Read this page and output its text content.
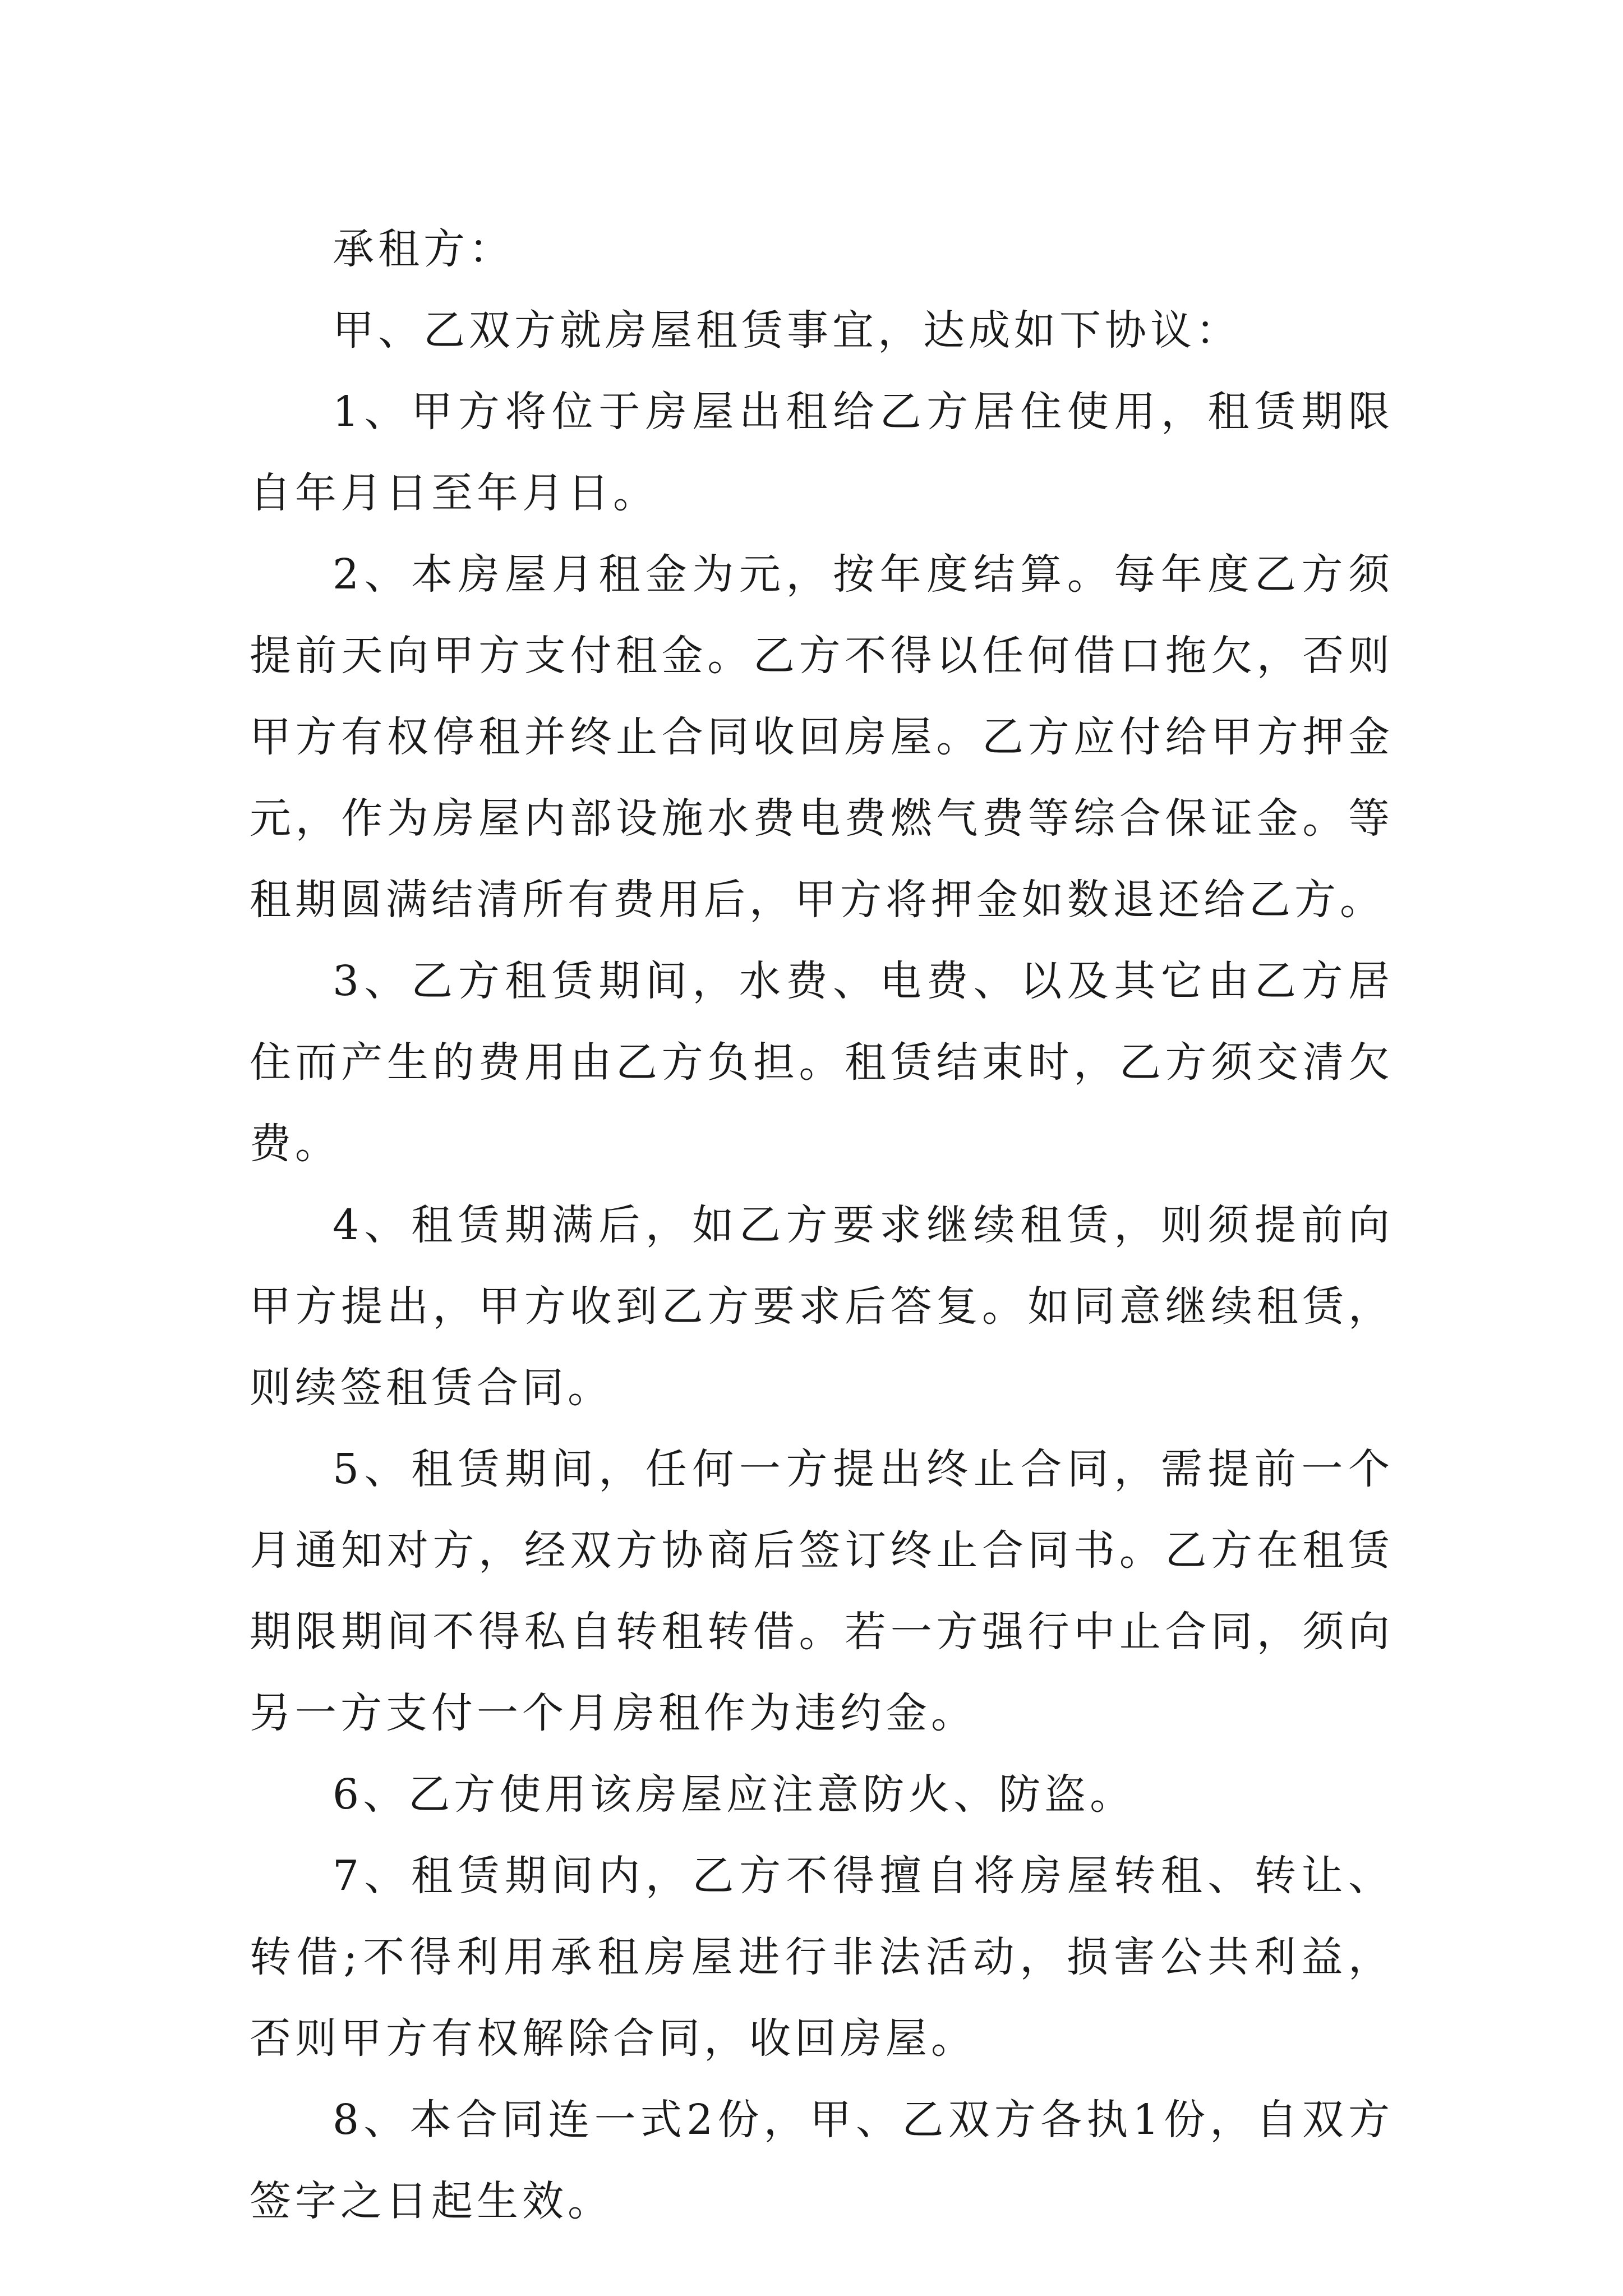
承租方：

甲、乙双方就房屋租赁事宜，达成如下协议：

1、甲方将位于房屋出租给乙方居住使用，租赁期限自年月日至年月日。

2、本房屋月租金为元，按年度结算。每年度乙方须提前天向甲方支付租金。乙方不得以任何借口拖欠，否则甲方有权停租并终止合同收回房屋。乙方应付给甲方押金元，作为房屋内部设施水费电费燃气费等综合保证金。等租期圆满结清所有费用后，甲方将押金如数退还给乙方。

3、乙方租赁期间，水费、电费、以及其它由乙方居住而产生的费用由乙方负担。租赁结束时，乙方须交清欠费。

4、租赁期满后，如乙方要求继续租赁，则须提前向甲方提出，甲方收到乙方要求后答复。如同意继续租赁，则续签租赁合同。

5、租赁期间，任何一方提出终止合同，需提前一个月通知对方，经双方协商后签订终止合同书。乙方在租赁期限期间不得私自转租转借。若一方强行中止合同，须向另一方支付一个月房租作为违约金。

6、乙方使用该房屋应注意防火、防盗。

7、租赁期间内，乙方不得擅自将房屋转租、转让、转借;不得利用承租房屋进行非法活动，损害公共利益，否则甲方有权解除合同，收回房屋。

8、本合同连一式2份，甲、乙双方各执1份，自双方签字之日起生效。
